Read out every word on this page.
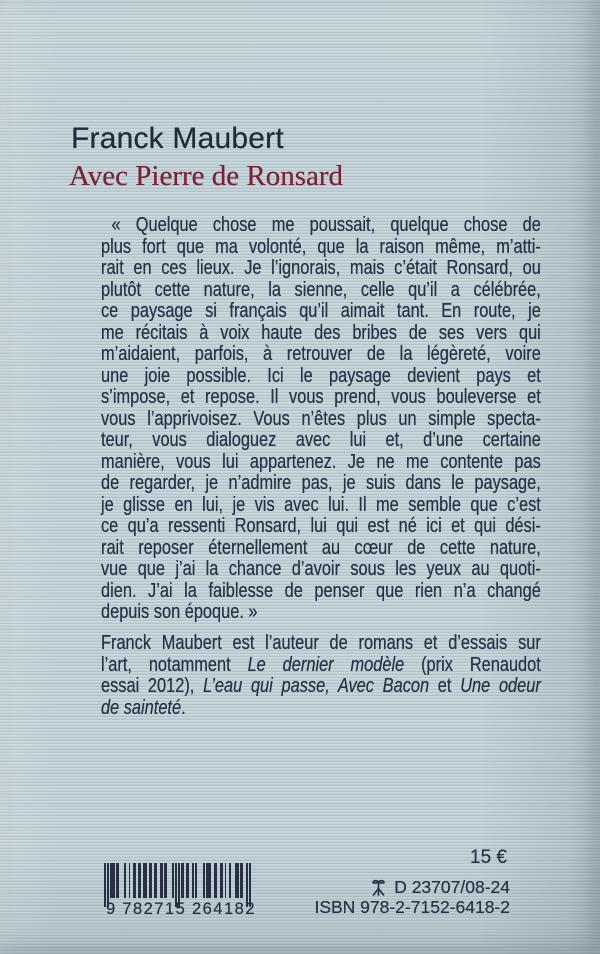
Franck Maubert
Avec Pierre de Ronsard
« Quelque chose me poussait, quelque chose de
plus fort que ma volonté, que la raison même, m’atti-
rait en ces lieux. Je l’ignorais, mais c’était Ronsard, ou
plutôt cette nature, la sienne, celle qu’il a célébrée,
ce paysage si français qu’il aimait tant. En route, je
me récitais à voix haute des bribes de ses vers qui
m’aidaient, parfois, à retrouver de la légèreté, voire
une joie possible. Ici le paysage devient pays et
s’impose, et repose. Il vous prend, vous bouleverse et
vous l’apprivoisez. Vous n’êtes plus un simple specta-
teur, vous dialoguez avec lui et, d’une certaine
manière, vous lui appartenez. Je ne me contente pas
de regarder, je n’admire pas, je suis dans le paysage,
je glisse en lui, je vis avec lui. Il me semble que c’est
ce qu’a ressenti Ronsard, lui qui est né ici et qui dési-
rait reposer éternellement au cœur de cette nature,
vue que j’ai la chance d’avoir sous les yeux au quoti-
dien. J’ai la faiblesse de penser que rien n’a changé
depuis son époque. »
Franck Maubert est l’auteur de romans et d’essais sur
l’art, notamment Le dernier modèle (prix Renaudot
essai 2012), L’eau qui passe, Avec Bacon et Une odeur
de sainteté.
15 €
D 23707/08-24
ISBN 978-2-7152-6418-2
9 782715 264182
